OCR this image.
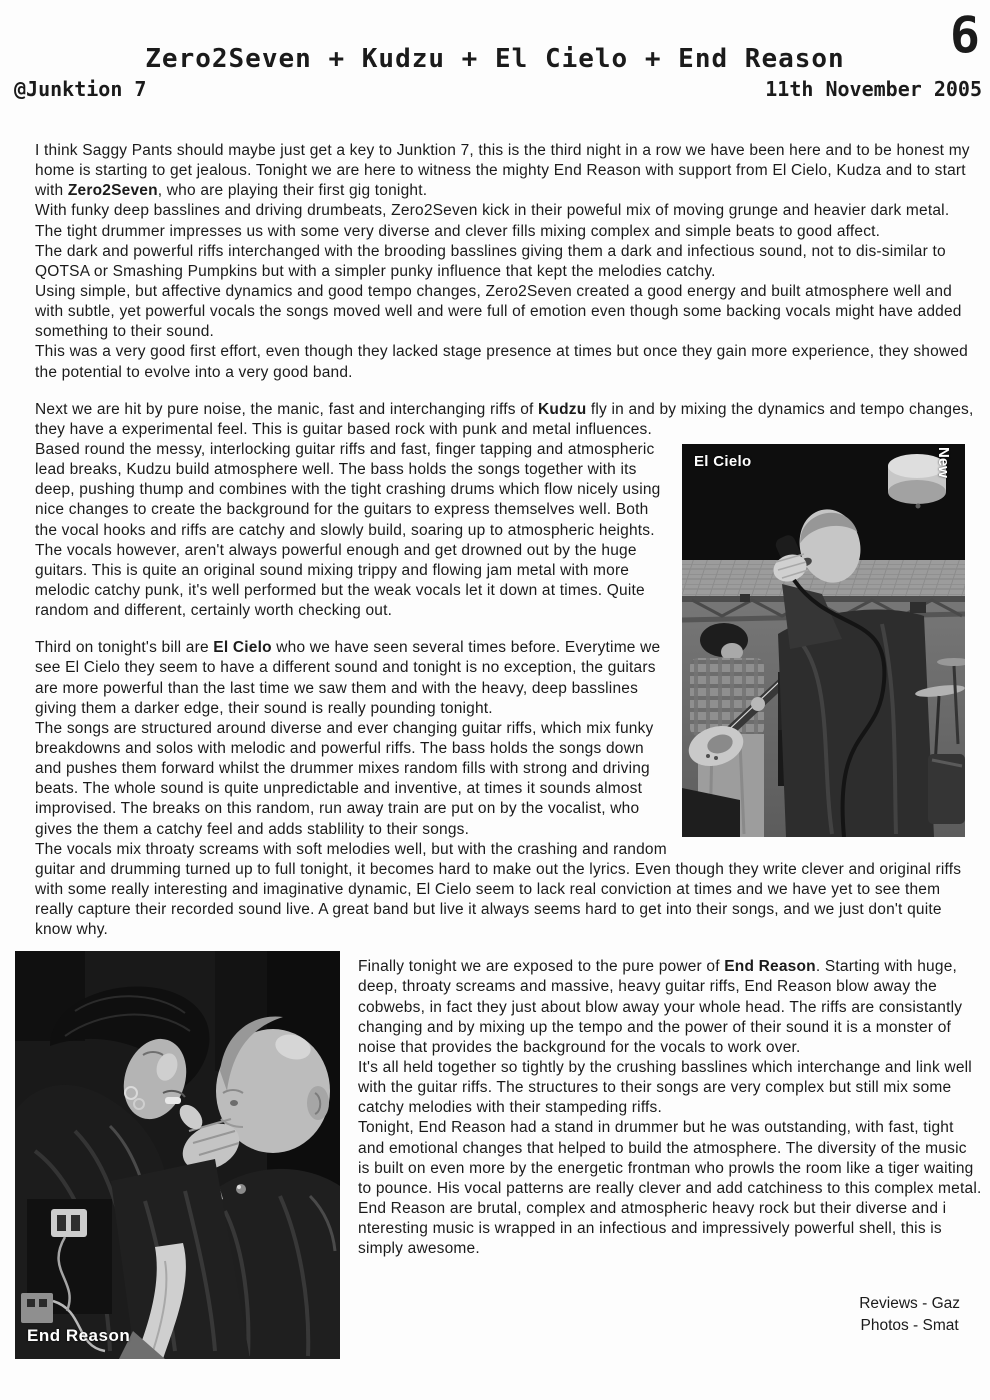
6
Zero2Seven + Kudzu + El Cielo + End Reason
@Junktion 7	11th November 2005

I think Saggy Pants should maybe just get a key to Junktion 7, this is the third night in a row we have been here and to be honest my home is starting to get jealous. Tonight we are here to witness the mighty End Reason with support from El Cielo, Kudza and to start with Zero2Seven, who are playing their first gig tonight.

With funky deep basslines and driving drumbeats, Zero2Seven kick in their poweful mix of moving grunge and heavier dark metal.

The tight drummer impresses us with some very diverse and clever fills mixing complex and simple beats to good affect.

The dark and powerful riffs interchanged with the brooding basslines giving them a dark and infectious sound, not to dis-similar to QOTSA or Smashing Pumpkins but with a simpler punky influence that kept the melodies catchy.

Using simple, but affective dynamics and good tempo changes, Zero2Seven created a good energy and built atmosphere well and with subtle, yet powerful vocals the songs moved well and were full of emotion even though some backing vocals might have added something to their sound.

This was a very good first effort, even though they lacked stage presence at times but once they gain more experience, they showed the potential to evolve into a very good band.

Next we are hit by pure noise, the manic, fast and interchanging riffs of Kudzu fly in and by mixing the dynamics and tempo changes, they have a experimental feel. This is guitar based rock with punk and metal influences.

El Cielo	New

Based round the messy, interlocking guitar riffs and fast, finger tapping and atmospheric lead breaks, Kudzu build atmosphere well. The bass holds the songs together with its deep, pushing thump and combines with the tight crashing drums which flow nicely using nice changes to create the background for the guitars to express themselves well. Both the vocal hooks and riffs are catchy and slowly build, soaring up to atmospheric heights. The vocals however, aren't always powerful enough and get drowned out by the huge guitars. This is quite an original sound mixing trippy and flowing jam metal with more melodic catchy punk, it's well performed but the weak vocals let it down at times. Quite random and different, certainly worth checking out.

Third on tonight's bill are El Cielo who we have seen several times before. Everytime we see El Cielo they seem to have a different sound and tonight is no exception, the guitars are more powerful than the last time we saw them and with the heavy, deep basslines giving them a darker edge, their sound is really pounding tonight.

The songs are structured around diverse and ever changing guitar riffs, which mix funky breakdowns and solos with melodic and powerful riffs. The bass holds the songs down and pushes them forward whilst the drummer mixes random fills with strong and driving beats. The whole sound is quite unpredictable and inventive, at times it sounds almost improvised. The breaks on this random, run away train are put on by the vocalist, who gives the them a catchy feel and adds stablility to their songs.

The vocals mix throaty screams with soft melodies well, but with the crashing and random guitar and drumming turned up to full tonight, it becomes hard to make out the lyrics. Even though they write clever and original riffs with some really interesting and imaginative dynamic, El Cielo seem to lack real conviction at times and we have yet to see them really capture their recorded sound live. A great band but live it always seems hard to get into their songs, and we just don't quite know why.

End Reason

Finally tonight we are exposed to the pure power of End Reason. Starting with huge, deep, throaty screams and massive, heavy guitar riffs, End Reason blow away the cobwebs, in fact they just about blow away your whole head. The riffs are consistantly changing and by mixing up the tempo and the power of their sound it is a monster of noise that provides the background for the vocals to work over.

It's all held together so tightly by the crushing basslines which interchange and link well with the guitar riffs. The structures to their songs are very complex but still mix some catchy melodies with their stampeding riffs.

Tonight, End Reason had a stand in drummer but he was outstanding, with fast, tight and emotional changes that helped to build the atmosphere. The diversity of the music is built on even more by the energetic frontman who prowls the room like a tiger waiting to pounce. His vocal patterns are really clever and add catchiness to this complex metal.

End Reason are brutal, complex and atmospheric heavy rock but their diverse and i nteresting music is wrapped in an infectious and impressively powerful shell, this is simply awesome.

Reviews - Gaz
Photos - Smat
